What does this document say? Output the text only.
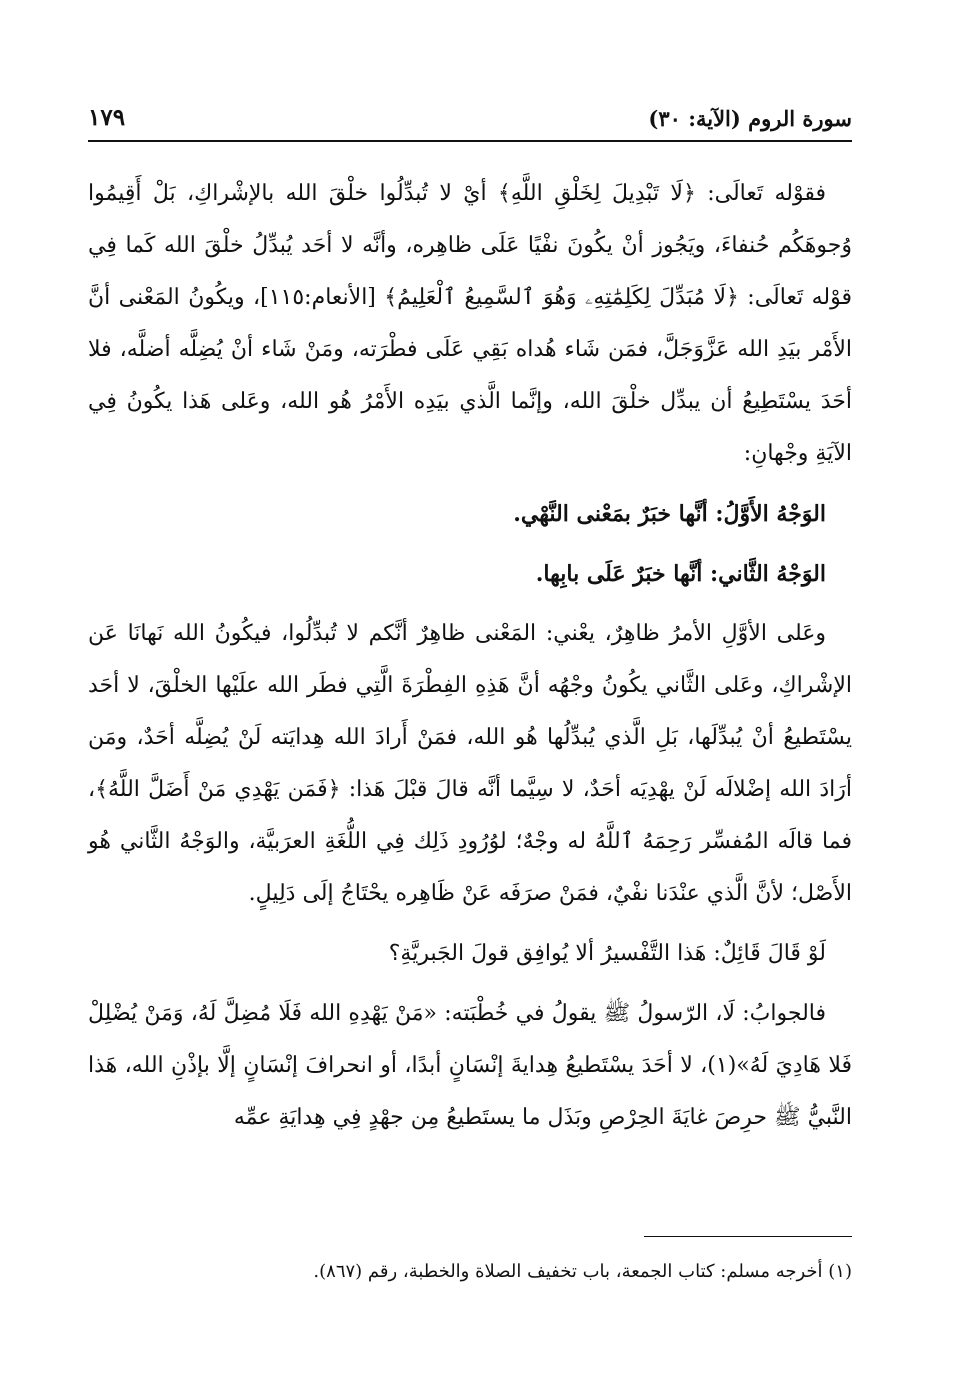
سورة الروم (الآية: ٣٠)
١٧٩

فقوْله تَعالَى: ﴿لَا تَبْدِيلَ لِخَلْقِ اللَّهِ﴾ أيْ لا تُبدِّلُوا خلْقَ الله بالإشْراكِ، بَلْ أَقِيمُوا وُجوهَكُم حُنفاءَ، ويَجُوز أنْ يكُونَ نفْيًا عَلَى ظاهِره، وأنَّه لا أحَد يُبدِّلُ خلْقَ الله كَما فِي قوْله تَعالَى: ﴿لَا مُبَدِّلَ لِكَلِمَٰتِهِۦ وَهُوَ ٱلسَّمِيعُ ٱلْعَلِيمُ﴾ [الأنعام:١١٥]، ويكُونُ المَعْنى أنَّ الأَمْر بيَدِ الله عَزَّوَجَلَّ، فمَن شَاء هُداه بَقِي عَلَى فطْرَته، ومَنْ شَاء أنْ يُضِلَّه أضلَّه، فلا أحَدَ يسْتَطِيعُ أن يبدِّل خلْقَ الله، وإنَّما الَّذي بيَدِه الأَمْرُ هُو الله، وعَلى هَذا يكُونُ فِي الآيَةِ وجْهانِ:

الوَجْهُ الأَوَّلُ: أنَّها خبَرٌ بمَعْنى النَّهْي.

الوَجْهُ الثَّاني: أنَّها خبَرٌ عَلَى بابِها.

وعَلى الأوَّلِ الأمرُ ظاهِرٌ، يعْني: المَعْنى ظاهِرٌ أنَّكم لا تُبدِّلُوا، فيكُونُ الله نَهانَا عَن الإشْراكِ، وعَلى الثَّاني يكُونُ وجْهُه أنَّ هَذِهِ الفِطْرَةَ الَّتِي فطَر الله علَيْها الخلْقَ، لا أحَد يسْتَطيعُ أنْ يُبدِّلَها، بَلِ الَّذي يُبدِّلُها هُو الله، فمَنْ أَرادَ الله هِدايَته لَنْ يُضِلَّه أحَدٌ، ومَن أرَادَ الله إضْلالَه لَنْ يهْدِيَه أحَدٌ، لا سِيَّما أنَّه قالَ قبْلَ هَذا: ﴿فَمَن يَهْدِي مَنْ أَضَلَّ اللَّهُ﴾، فما قالَه المُفسِّر رَحِمَهُ ٱللَّهُ له وجْهٌ؛ لوُرُودِ ذَلِك فِي اللُّغَةِ العرَبيَّة، والوَجْهُ الثَّاني هُو الأَصْل؛ لأنَّ الَّذي عنْدَنا نفْيٌ، فمَنْ صرَفَه عَنْ ظَاهِره يحْتَاجُ إلَى دَلِيلٍ.

لَوْ قَالَ قَائِلٌ: هَذا التَّفْسيرُ ألا يُوافِق قولَ الجَبريَّةِ؟

فالجوابُ: لَا، الرّسولُ ﷺ يقولُ في خُطْبَته: «مَنْ يَهْدِهِ الله فَلَا مُضِلَّ لَهُ، وَمَنْ يُضْلِلْ فَلا هَادِيَ لَهُ»(١)، لا أحَدَ يسْتَطيعُ هِدايةَ إنْسَانٍ أبدًا، أو انحرافَ إنْسَانٍ إلَّا بإذْنِ الله، هَذا النَّبيُّ ﷺ حرِصَ غايَةَ الحِرْصِ وبَذَل ما يستَطيعُ مِن جهْدٍ فِي هِدايَةِ عمِّه

(١) أخرجه مسلم: كتاب الجمعة، باب تخفيف الصلاة والخطبة، رقم (٨٦٧).
